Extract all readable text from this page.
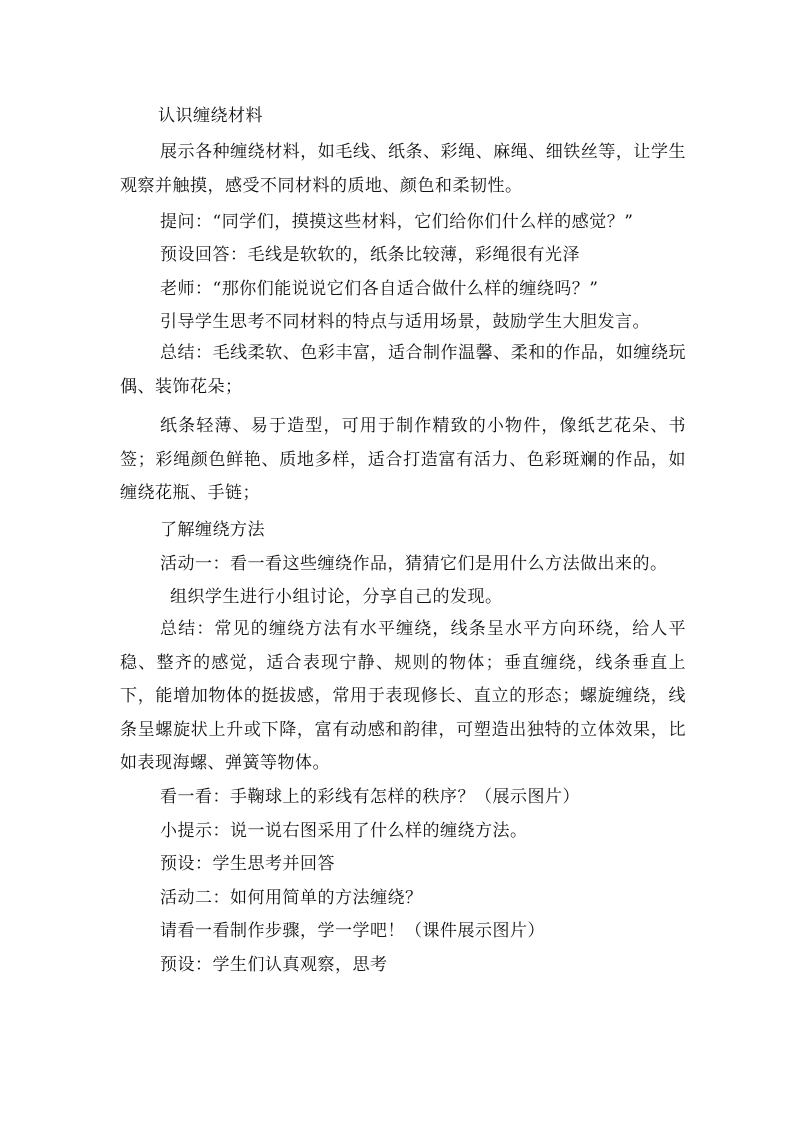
认识缠绕材料
展示各种缠绕材料，如毛线、纸条、彩绳、麻绳、细铁丝等，让学生观察并触摸，感受不同材料的质地、颜色和柔韧性。
提问：“同学们，摸摸这些材料，它们给你们什么样的感觉？”
预设回答：毛线是软软的，纸条比较薄，彩绳很有光泽
老师：“那你们能说说它们各自适合做什么样的缠绕吗？”
引导学生思考不同材料的特点与适用场景，鼓励学生大胆发言。
总结：毛线柔软、色彩丰富，适合制作温馨、柔和的作品，如缠绕玩偶、装饰花朵；
纸条轻薄、易于造型，可用于制作精致的小物件，像纸艺花朵、书签；彩绳颜色鲜艳、质地多样，适合打造富有活力、色彩斑斓的作品，如缠绕花瓶、手链；
了解缠绕方法
活动一：看一看这些缠绕作品，猜猜它们是用什么方法做出来的。
组织学生进行小组讨论，分享自己的发现。
总结：常见的缠绕方法有水平缠绕，线条呈水平方向环绕，给人平稳、整齐的感觉，适合表现宁静、规则的物体；垂直缠绕，线条垂直上下，能增加物体的挺拔感，常用于表现修长、直立的形态；螺旋缠绕，线条呈螺旋状上升或下降，富有动感和韵律，可塑造出独特的立体效果，比如表现海螺、弹簧等物体。
看一看：手鞠球上的彩线有怎样的秩序？（展示图片）
小提示：说一说右图采用了什么样的缠绕方法。
预设：学生思考并回答
活动二：如何用简单的方法缠绕？
请看一看制作步骤，学一学吧！（课件展示图片）
预设：学生们认真观察，思考
